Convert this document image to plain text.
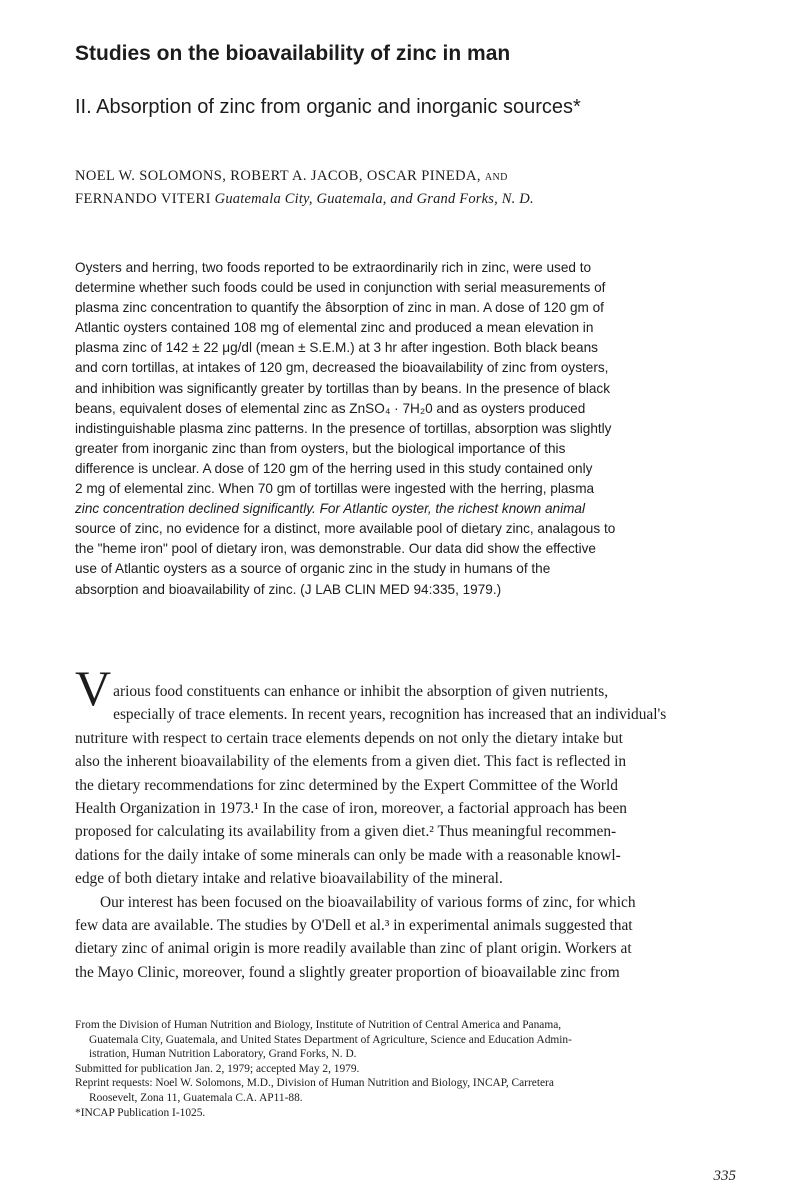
Studies on the bioavailability of zinc in man
II. Absorption of zinc from organic and inorganic sources*
NOEL W. SOLOMONS, ROBERT A. JACOB, OSCAR PINEDA, and
FERNANDO VITERI Guatemala City, Guatemala, and Grand Forks, N. D.
Oysters and herring, two foods reported to be extraordinarily rich in zinc, were used to
determine whether such foods could be used in conjunction with serial measurements of
plasma zinc concentration to quantify the âbsorption of zinc in man. A dose of 120 gm of
Atlantic oysters contained 108 mg of elemental zinc and produced a mean elevation in
plasma zinc of 142 ± 22 μg/dl (mean ± S.E.M.) at 3 hr after ingestion. Both black beans
and corn tortillas, at intakes of 120 gm, decreased the bioavailability of zinc from oysters,
and inhibition was significantly greater by tortillas than by beans. In the presence of black
beans, equivalent doses of elemental zinc as ZnSO₄ · 7H₂0 and as oysters produced
indistinguishable plasma zinc patterns. In the presence of tortillas, absorption was slightly
greater from inorganic zinc than from oysters, but the biological importance of this
difference is unclear. A dose of 120 gm of the herring used in this study contained only
2 mg of elemental zinc. When 70 gm of tortillas were ingested with the herring, plasma
zinc concentration declined significantly. For Atlantic oyster, the richest known animal
source of zinc, no evidence for a distinct, more available pool of dietary zinc, analagous to
the "heme iron" pool of dietary iron, was demonstrable. Our data did show the effective
use of Atlantic oysters as a source of organic zinc in the study in humans of the
absorption and bioavailability of zinc. (J LAB CLIN MED 94:335, 1979.)
V arious food constituents can enhance or inhibit the absorption of given nutrients,
especially of trace elements. In recent years, recognition has increased that an individual's
nutriture with respect to certain trace elements depends on not only the dietary intake but
also the inherent bioavailability of the elements from a given diet. This fact is reflected in
the dietary recommendations for zinc determined by the Expert Committee of the World
Health Organization in 1973.¹ In the case of iron, moreover, a factorial approach has been
proposed for calculating its availability from a given diet.² Thus meaningful recommen-
dations for the daily intake of some minerals can only be made with a reasonable knowl-
edge of both dietary intake and relative bioavailability of the mineral.
Our interest has been focused on the bioavailability of various forms of zinc, for which
few data are available. The studies by O'Dell et al.³ in experimental animals suggested that
dietary zinc of animal origin is more readily available than zinc of plant origin. Workers at
the Mayo Clinic, moreover, found a slightly greater proportion of bioavailable zinc from
From the Division of Human Nutrition and Biology, Institute of Nutrition of Central America and Panama,
Guatemala City, Guatemala, and United States Department of Agriculture, Science and Education Admin-
istration, Human Nutrition Laboratory, Grand Forks, N. D.
Submitted for publication Jan. 2, 1979; accepted May 2, 1979.
Reprint requests: Noel W. Solomons, M.D., Division of Human Nutrition and Biology, INCAP, Carretera
Roosevelt, Zona 11, Guatemala C.A. AP11-88.
*INCAP Publication I-1025.
335
